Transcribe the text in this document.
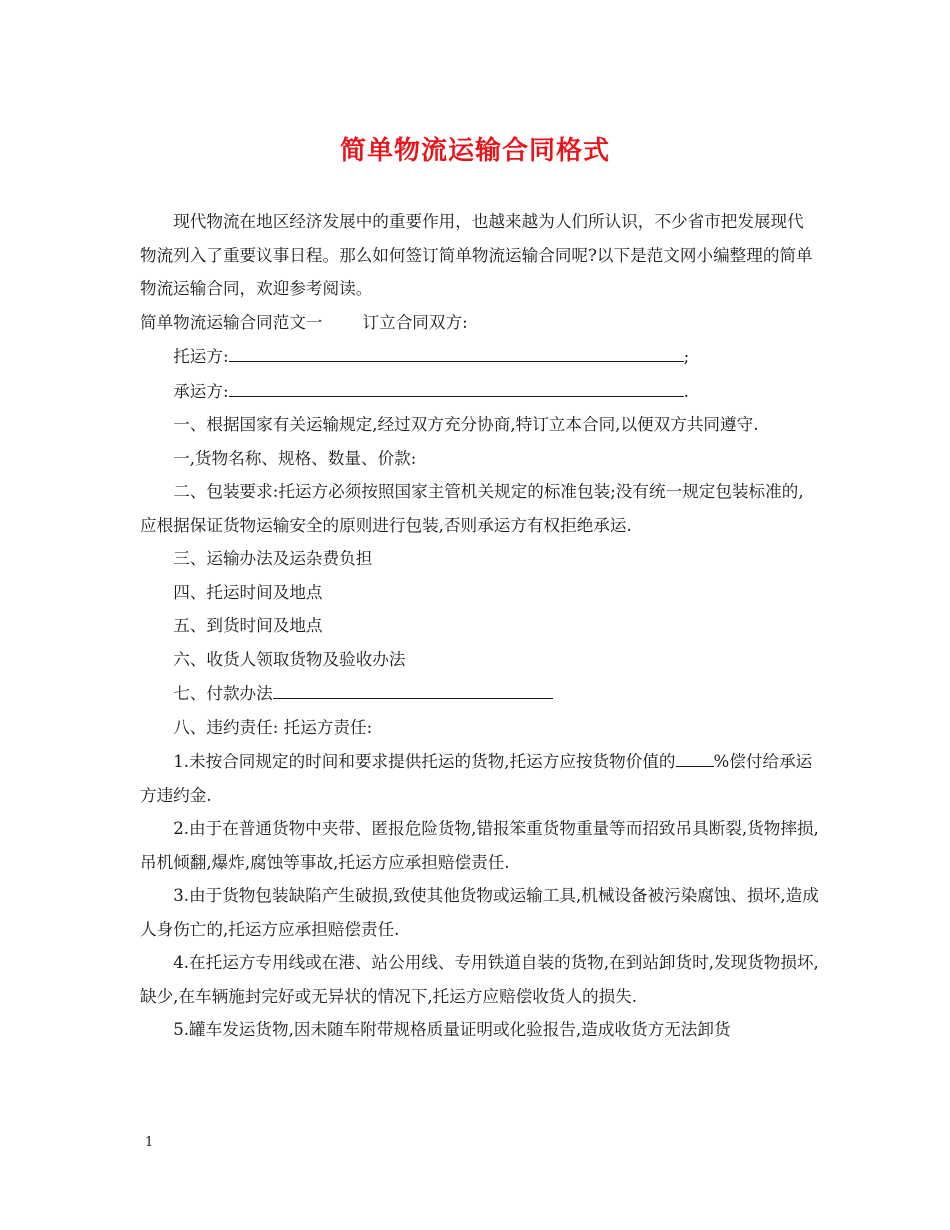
简单物流运输合同格式

现代物流在地区经济发展中的重要作用，也越来越为人们所认识，不少省市把发展现代物流列入了重要议事日程。那么如何签订简单物流运输合同呢?以下是范文网小编整理的简单物流运输合同，欢迎参考阅读。

简单物流运输合同范文一 订立合同双方:

托运方:	;

承运方:	.

一、根据国家有关运输规定,经过双方充分协商,特订立本合同,以便双方共同遵守.

一,货物名称、规格、数量、价款:

二、包装要求:托运方必须按照国家主管机关规定的标准包装;没有统一规定包装标准的,应根据保证货物运输安全的原则进行包装,否则承运方有权拒绝承运.

三、运输办法及运杂费负担

四、托运时间及地点

五、到货时间及地点

六、收货人领取货物及验收办法

七、付款办法

八、违约责任: 托运方责任:

1.未按合同规定的时间和要求提供托运的货物,托运方应按货物价值的 %偿付给承运方违约金.

2.由于在普通货物中夹带、匿报危险货物,错报笨重货物重量等而招致吊具断裂,货物摔损,吊机倾翻,爆炸,腐蚀等事故,托运方应承担赔偿责任.

3.由于货物包装缺陷产生破损,致使其他货物或运输工具,机械设备被污染腐蚀、损坏,造成人身伤亡的,托运方应承担赔偿责任.

4.在托运方专用线或在港、站公用线、专用铁道自装的货物,在到站卸货时,发现货物损坏,缺少,在车辆施封完好或无异状的情况下,托运方应赔偿收货人的损失.

5.罐车发运货物,因未随车附带规格质量证明或化验报告,造成收货方无法卸货

1
